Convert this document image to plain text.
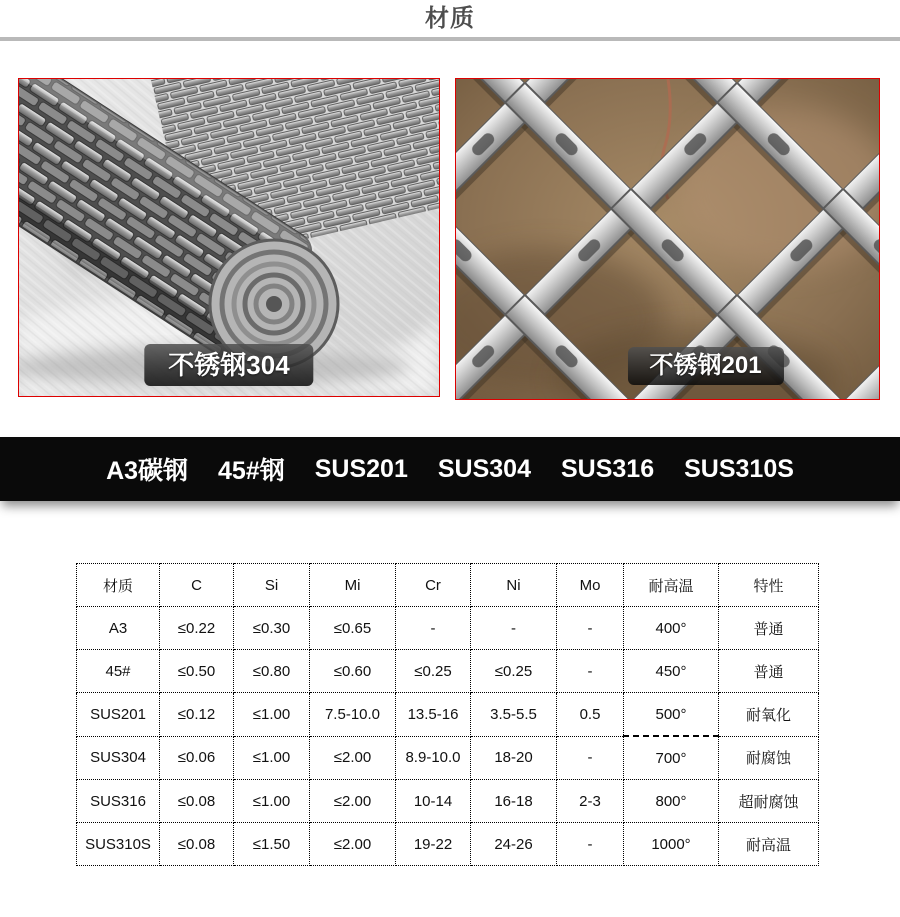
材质
不锈钢304	不锈钢201
A3碳钢 45#钢 SUS201 SUS304 SUS316 SUS310S
材质	C	Si	Mi	Cr	Ni	Mo	耐高温	特性
A3	≤0.22	≤0.30	≤0.65	-	-	-	400°	普通
45#	≤0.50	≤0.80	≤0.60	≤0.25	≤0.25	-	450°	普通
SUS201	≤0.12	≤1.00	7.5-10.0	13.5-16	3.5-5.5	0.5	500°	耐氧化
SUS304	≤0.06	≤1.00	≤2.00	8.9-10.0	18-20	-	700°	耐腐蚀
SUS316	≤0.08	≤1.00	≤2.00	10-14	16-18	2-3	800°	超耐腐蚀
SUS310S	≤0.08	≤1.50	≤2.00	19-22	24-26	-	1000°	耐高温
